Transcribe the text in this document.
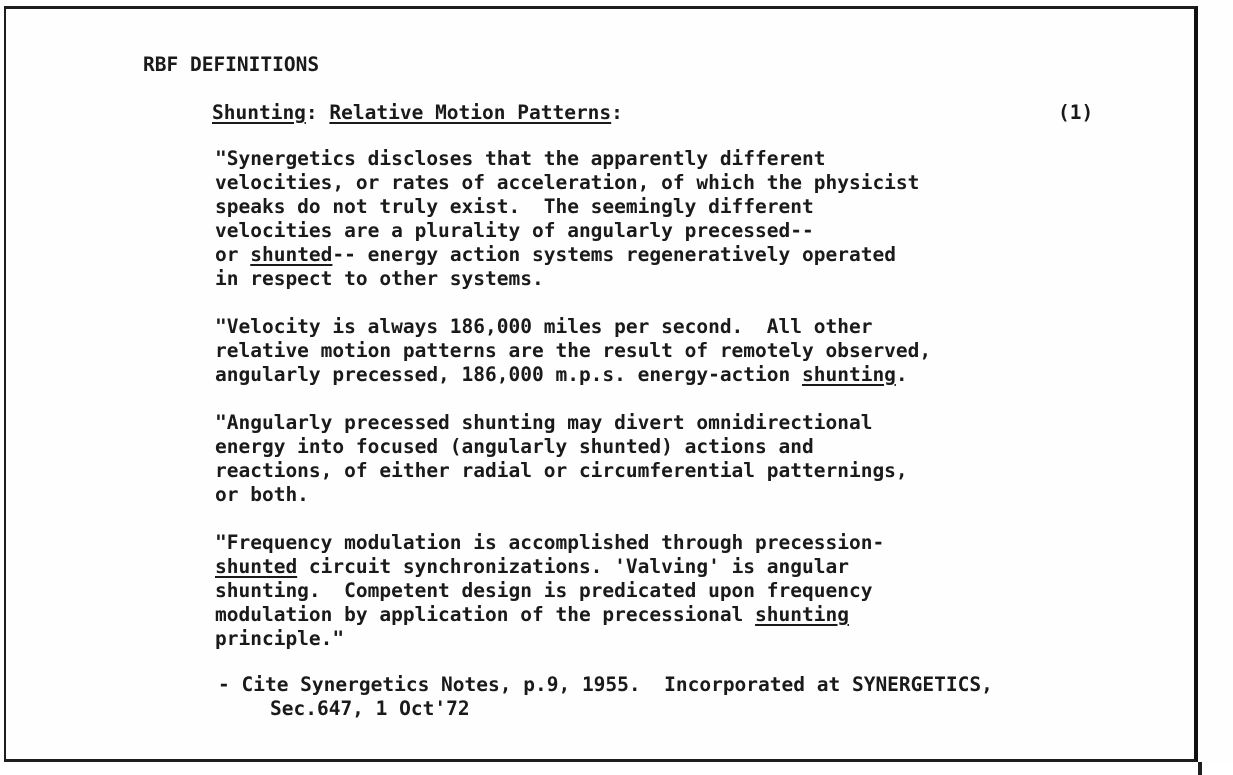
RBF DEFINITIONS

Shunting: Relative Motion Patterns:	(1)

"Synergetics discloses that the apparently different
velocities, or rates of acceleration, of which the physicist
speaks do not truly exist.  The seemingly different
velocities are a plurality of angularly precessed--
or shunted-- energy action systems regeneratively operated
in respect to other systems.
"Velocity is always 186,000 miles per second.  All other
relative motion patterns are the result of remotely observed,
angularly precessed, 186,000 m.p.s. energy-action shunting.
"Angularly precessed shunting may divert omnidirectional
energy into focused (angularly shunted) actions and
reactions, of either radial or circumferential patternings,
or both.
"Frequency modulation is accomplished through precession-
shunted circuit synchronizations. 'Valving' is angular
shunting.  Competent design is predicated upon frequency
modulation by application of the precessional shunting
principle."
- Cite Synergetics Notes, p.9, 1955.  Incorporated at SYNERGETICS,
Sec.647, 1 Oct'72
